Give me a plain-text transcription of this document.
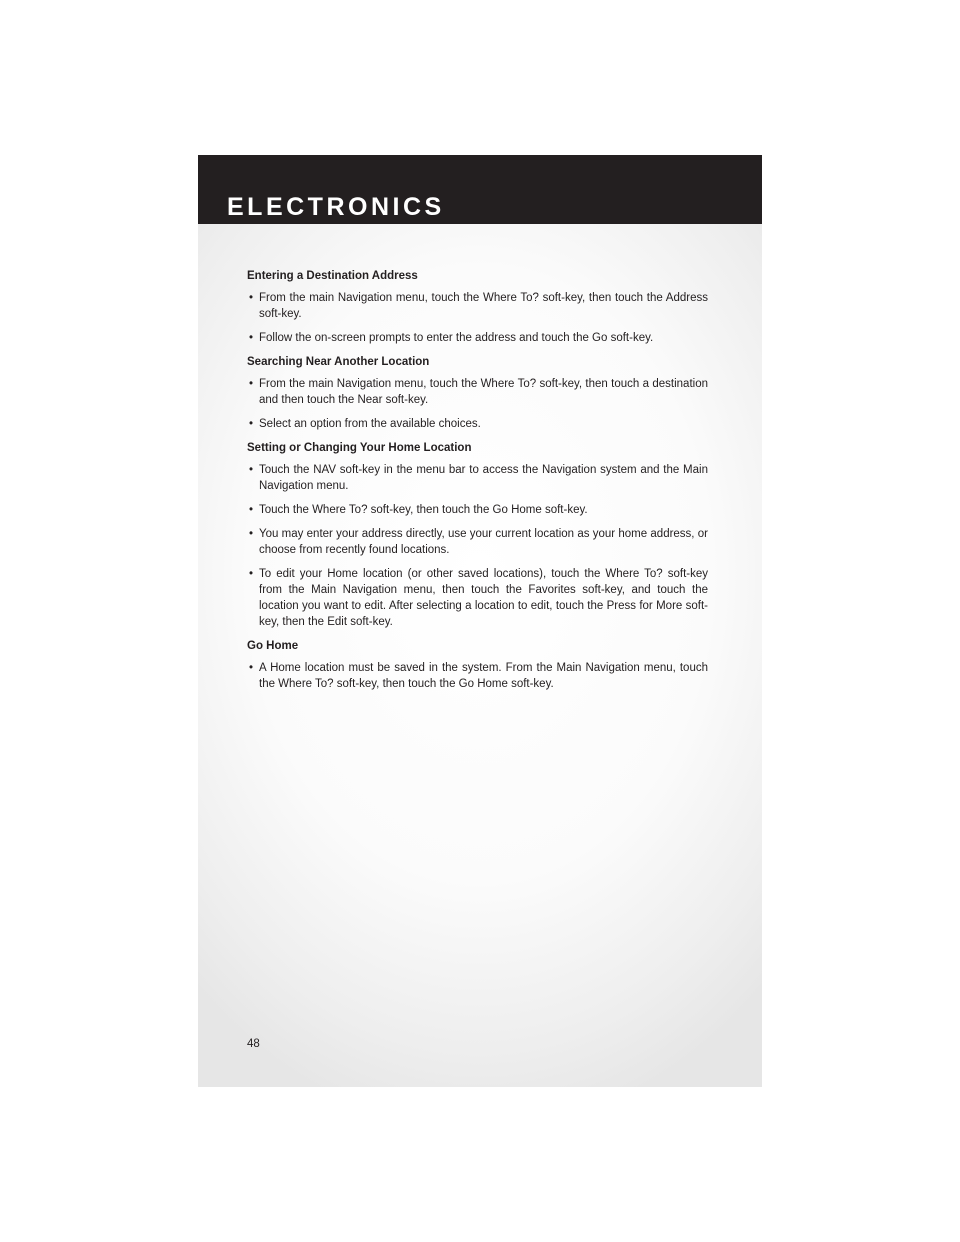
ELECTRONICS
Entering a Destination Address
• From the main Navigation menu, touch the Where To? soft-key, then touch the Address soft-key.
• Follow the on-screen prompts to enter the address and touch the Go soft-key.
Searching Near Another Location
• From the main Navigation menu, touch the Where To? soft-key, then touch a destination and then touch the Near soft-key.
• Select an option from the available choices.
Setting or Changing Your Home Location
• Touch the NAV soft-key in the menu bar to access the Navigation system and the Main Navigation menu.
• Touch the Where To? soft-key, then touch the Go Home soft-key.
• You may enter your address directly, use your current location as your home address, or choose from recently found locations.
• To edit your Home location (or other saved locations), touch the Where To? soft-key from the Main Navigation menu, then touch the Favorites soft-key, and touch the location you want to edit. After selecting a location to edit, touch the Press for More soft-key, then the Edit soft-key.
Go Home
• A Home location must be saved in the system. From the Main Navigation menu, touch the Where To? soft-key, then touch the Go Home soft-key.
48
